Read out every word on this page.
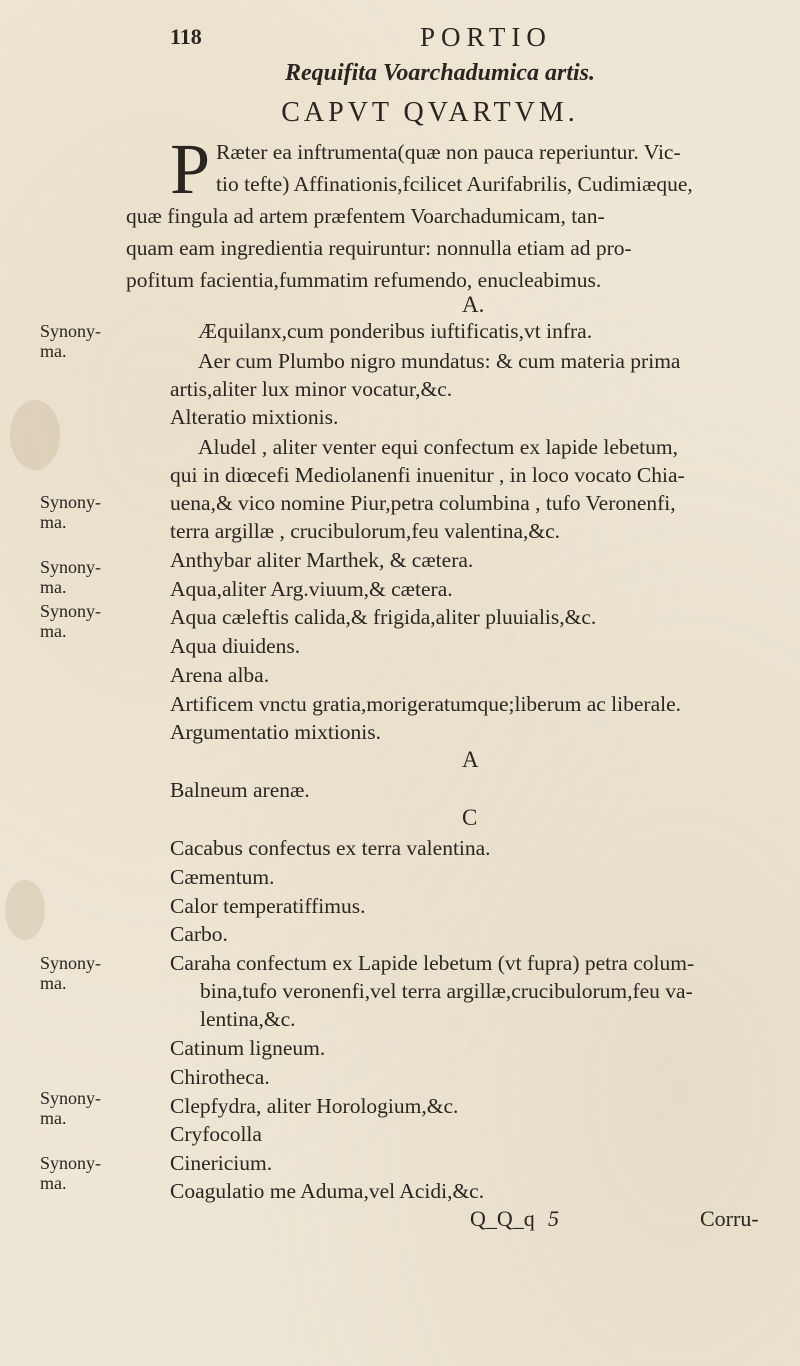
118	PORTIO
Requifita Voarchadumica artis.
CAPVT QVARTVM.
P Ræter ea inftrumenta(quæ non pauca reperiuntur. Vic-
tio tefte) Affinationis,fcilicet Aurifabrilis, Cudimiæque,
quæ fingula ad artem præfentem Voarchadumicam, tan-
quam eam ingredientia requiruntur: nonnulla etiam ad pro-
pofitum facientia,fummatim refumendo, enucleabimus.
A.
A
C
Æquilanx,cum ponderibus iuftificatis,vt infra.
Aer cum Plumbo nigro mundatus: & cum materia prima
artis,aliter lux minor vocatur,&c.
Alteratio mixtionis.
Aludel , aliter venter equi confectum ex lapide lebetum,
qui in diœcefi Mediolanenfi inuenitur , in loco vocato Chia-
uena,& vico nomine Piur,petra columbina , tufo Veronenfi,
terra argillæ , crucibulorum,feu valentina,&c.
Anthybar aliter Marthek, & cætera.
Aqua,aliter Arg.viuum,& cætera.
Aqua cæleftis calida,& frigida,aliter pluuialis,&c.
Aqua diuidens.
Arena alba.
Artificem vnctu gratia,morigeratumque;liberum ac liberale.
Argumentatio mixtionis.
Balneum arenæ.
Cacabus confectus ex terra valentina.
Cæmentum.
Calor temperatiffimus.
Carbo.
Caraha confectum ex Lapide lebetum (vt fupra) petra colum-
bina,tufo veronenfi,vel terra argillæ,crucibulorum,feu va-
lentina,&c.
Catinum ligneum.
Chirotheca.
Clepfydra, aliter Horologium,&c.
Cryfocolla
Cinericium.
Coagulatio me Aduma,vel Acidi,&c.
Synony-
ma.
Synony-
ma.
Synony-
ma.
Synony-
ma.
Synony-
ma.
Synony-
ma.
Synony-
ma.
Q_Q_q 5	Corru-
